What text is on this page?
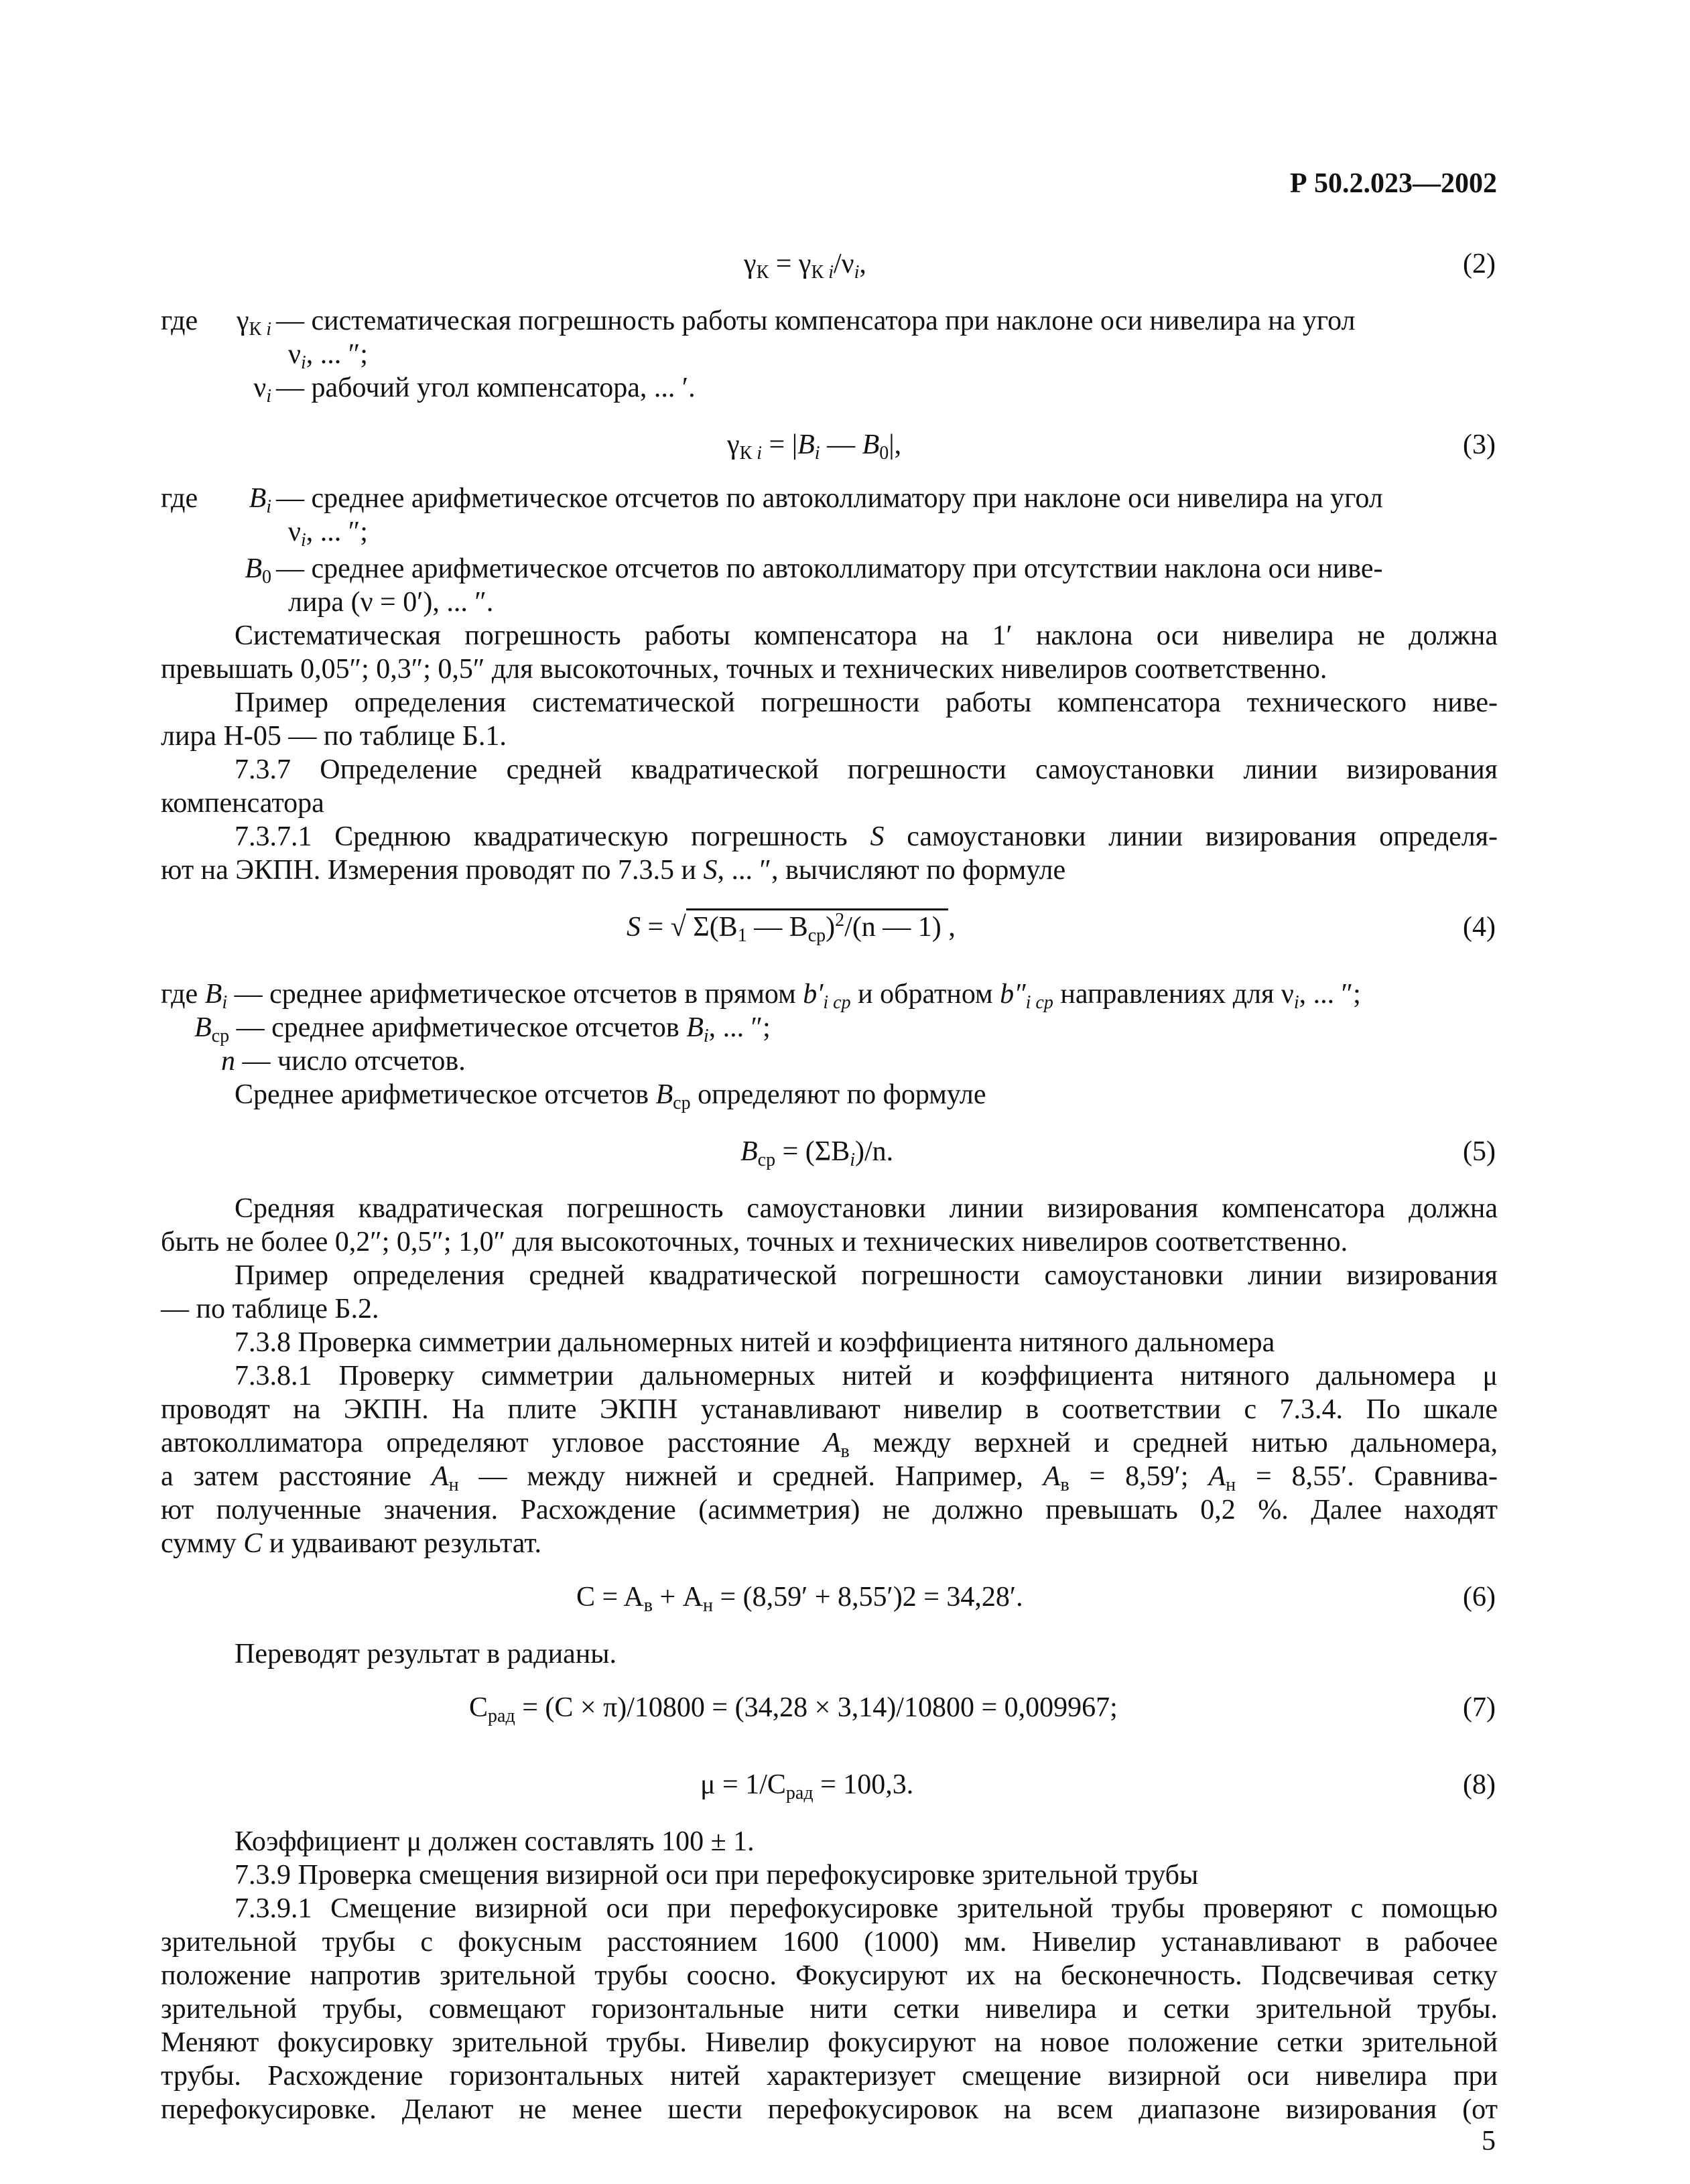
Р 50.2.023—2002
$\gamma_К = \gamma_{К i}/\nu_i$,	(2)
где	$\gamma_{К i}$ — систематическая погрешность работы компенсатора при наклоне оси нивелира на угол
$\nu_i$, ... ″;
$\nu_i$ — рабочий угол компенсатора, ... ′.
$\gamma_{К i} = |B_i$ — $B_0|$,	(3)
где	$B_i$ — среднее арифметическое отсчетов по автоколлиматору при наклоне оси нивелира на угол
$\nu_i$, ... ″;
$B_0$ — среднее арифметическое отсчетов по автоколлиматору при отсутствии наклона оси ниве-
лира (ν = 0′), ... ″.
Систематическая погрешность работы компенсатора на 1′ наклона оси нивелира не должна
превышать 0,05″; 0,3″; 0,5″ для высокоточных, точных и технических нивелиров соответственно.
Пример определения систематической погрешности работы компенсатора технического ниве-
лира Н-05 — по таблице Б.1.
7.3.7 Определение средней квадратической погрешности самоустановки линии визирования
компенсатора
7.3.7.1 Среднюю квадратическую погрешность S самоустановки линии визирования определя-
ют на ЭКПН. Измерения проводят по 7.3.5 и S, ... ″, вычисляют по формуле
S = √ $\Sigma(B_1$ — $B_{ср})^2/(n$ — 1) ,	(4)
где $B_i$ — среднее арифметическое отсчетов в прямом $b'_{i ср}$ и обратном $b''_{i ср}$ направлениях для $\nu_i$, ... ″;
$B_{ср}$ — среднее арифметическое отсчетов $B_i$, ... ″;
n — число отсчетов.
Среднее арифметическое отсчетов $B_{ср}$ определяют по формуле
$B_{ср} = (\Sigma B_i)/n$.	(5)
Средняя квадратическая погрешность самоустановки линии визирования компенсатора должна
быть не более 0,2″; 0,5″; 1,0″ для высокоточных, точных и технических нивелиров соответственно.
Пример определения средней квадратической погрешности самоустановки линии визирования
— по таблице Б.2.
7.3.8 Проверка симметрии дальномерных нитей и коэффициента нитяного дальномера
7.3.8.1 Проверку симметрии дальномерных нитей и коэффициента нитяного дальномера μ
проводят на ЭКПН. На плите ЭКПН устанавливают нивелир в соответствии с 7.3.4. По шкале
автоколлиматора определяют угловое расстояние $A_в$ между верхней и средней нитью дальномера,
а затем расстояние $A_н$ — между нижней и средней. Например, $A_в = 8,59'$; $A_н = 8,55'$. Сравнива-
ют полученные значения. Расхождение (асимметрия) не должно превышать 0,2 %. Далее находят
сумму C и удваивают результат.
$C = A_в + A_н = (8,59' + 8,55')2 = 34,28'$.	(6)
Переводят результат в радианы.
$C_{рад} = (C \times \pi)/10800 = (34,28 \times 3,14)/10800 = 0,009967$;	(7)
$\mu = 1/C_{рад} = 100,3$.	(8)
Коэффициент μ должен составлять 100 ± 1.
7.3.9 Проверка смещения визирной оси при перефокусировке зрительной трубы
7.3.9.1 Смещение визирной оси при перефокусировке зрительной трубы проверяют с помощью
зрительной трубы с фокусным расстоянием 1600 (1000) мм. Нивелир устанавливают в рабочее
положение напротив зрительной трубы соосно. Фокусируют их на бесконечность. Подсвечивая сетку
зрительной трубы, совмещают горизонтальные нити сетки нивелира и сетки зрительной трубы.
Меняют фокусировку зрительной трубы. Нивелир фокусируют на новое положение сетки зрительной
трубы. Расхождение горизонтальных нитей характеризует смещение визирной оси нивелира при
перефокусировке. Делают не менее шести перефокусировок на всем диапазоне визирования (от
5
